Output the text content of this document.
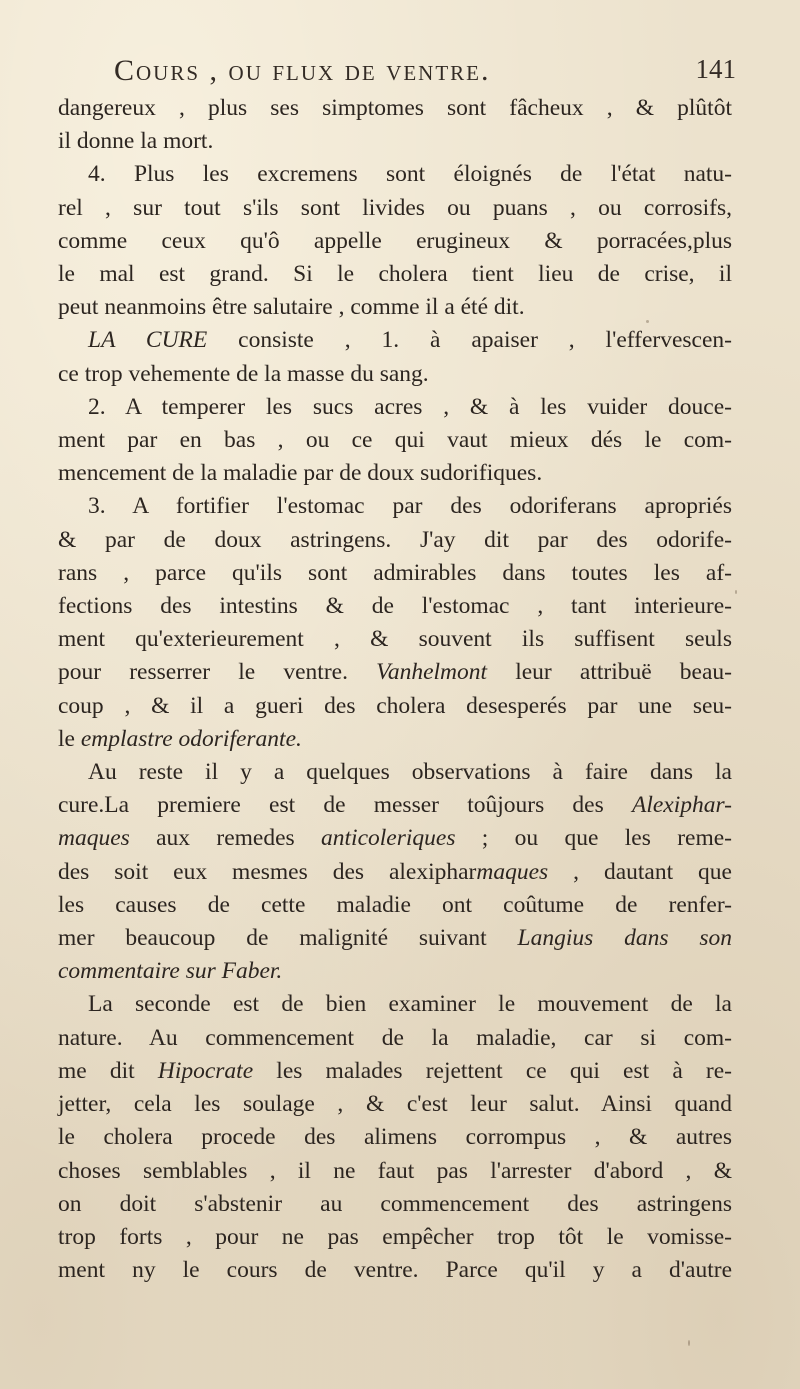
Cours , ou flux de ventre.	141
dangereux , plus ses simptomes sont fâcheux , & plûtôt
il donne la mort.
4. Plus les excremens sont éloignés de l'état natu-
rel , sur tout s'ils sont livides ou puans , ou corrosifs,
comme ceux qu'ô appelle erugineux & porracées,plus
le mal est grand. Si le cholera tient lieu de crise, il
peut neanmoins être salutaire , comme il a été dit.
LA CURE consiste , 1. à apaiser , l'effervescen-
ce trop vehemente de la masse du sang.
2. A temperer les sucs acres , & à les vuider douce-
ment par en bas , ou ce qui vaut mieux dés le com-
mencement de la maladie par de doux sudorifiques.
3. A fortifier l'estomac par des odoriferans apropriés
& par de doux astringens. J'ay dit par des odorife-
rans , parce qu'ils sont admirables dans toutes les af-
fections des intestins & de l'estomac , tant interieure-
ment qu'exterieurement , & souvent ils suffisent seuls
pour resserrer le ventre. Vanhelmont leur attribuë beau-
coup , & il a gueri des cholera desesperés par une seu-
le emplastre odoriferante.
Au reste il y a quelques observations à faire dans la
cure.La premiere est de messer toûjours des Alexiphar-
maques aux remedes anticolеriques ; ou que les reme-
des soit eux mesmes des alexipharmaques , dautant que
les causes de cette maladie ont coûtume de renfer-
mer beaucoup de malignité suivant Langius dans son
commentaire sur Faber.
La seconde est de bien examiner le mouvement de la
nature. Au commencement de la maladie, car si com-
me dit Hipocrate les malades rejettent ce qui est à re-
jetter, cela les soulage , & c'est leur salut. Ainsi quand
le cholera procede des alimens corrompus , & autres
choses semblables , il ne faut pas l'arrester d'abord , &
on doit s'abstenir au commencement des astringens
trop forts , pour ne pas empêcher trop tôt le vomisse-
ment ny le cours de ventre. Parce qu'il y a d'autre
